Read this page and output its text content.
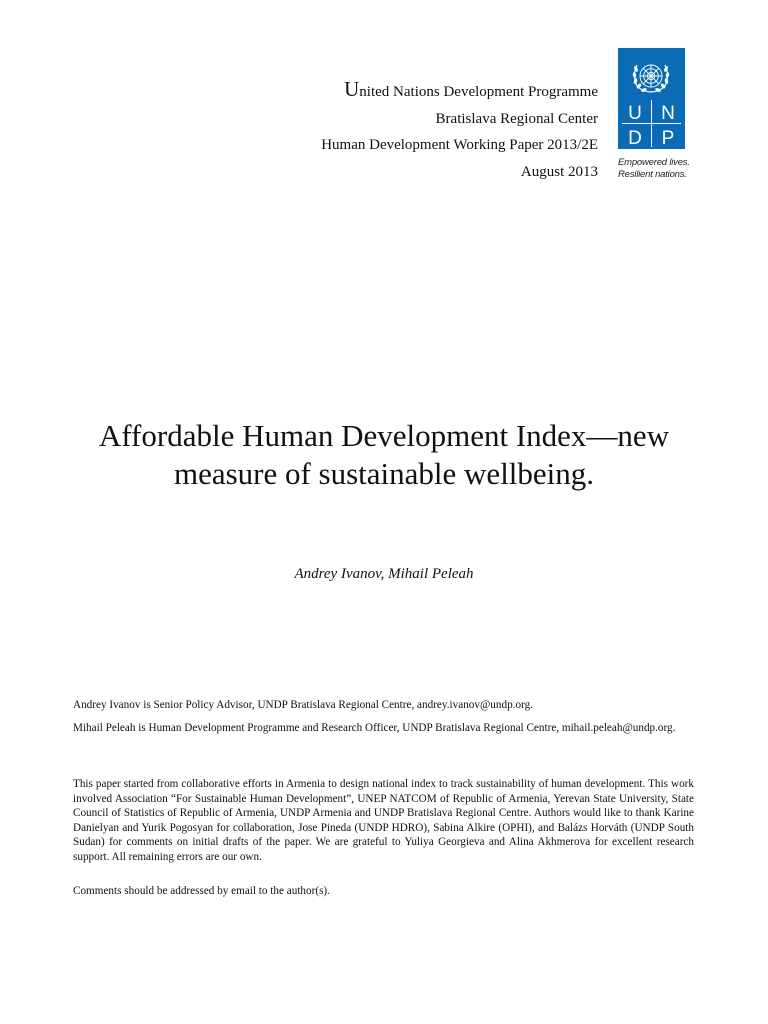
United Nations Development Programme
Bratislava Regional Center
Human Development Working Paper 2013/2E
August 2013
U N
D P
Empowered lives.
Resilient nations.
Affordable Human Development Index—new
measure of sustainable wellbeing.
Andrey Ivanov, Mihail Peleah

Andrey Ivanov is Senior Policy Advisor, UNDP Bratislava Regional Centre, andrey.ivanov@undp.org.

Mihail Peleah is Human Development Programme and Research Officer, UNDP Bratislava Regional Centre, mihail.peleah@undp.org.

This paper started from collaborative efforts in Armenia to design national index to track sustainability of human development. This work involved Association “For Sustainable Human Development”, UNEP NATCOM of Republic of Armenia, Yerevan State University, State Council of Statistics of Republic of Armenia, UNDP Armenia and UNDP Bratislava Regional Centre. Authors would like to thank Karine Danielyan and Yurik Pogosyan for collaboration, Jose Pineda (UNDP HDRO), Sabina Alkire (OPHI), and Balázs Horváth (UNDP South Sudan) for comments on initial drafts of the paper. We are grateful to Yuliya Georgieva and Alina Akhmerova for excellent research support. All remaining errors are our own.

Comments should be addressed by email to the author(s).
